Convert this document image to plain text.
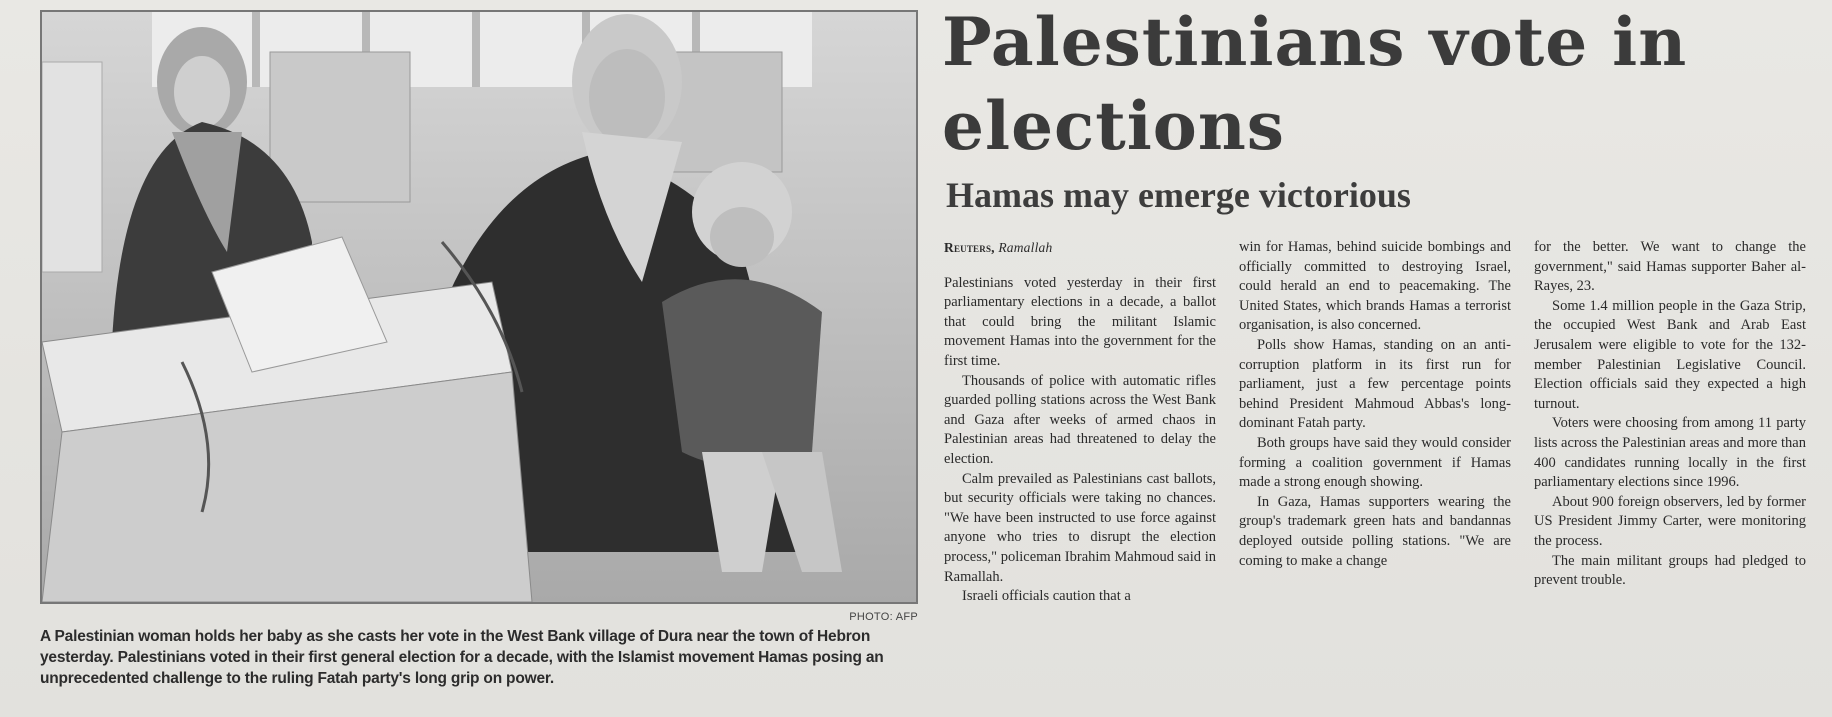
PHOTO: AFP
A Palestinian woman holds her baby as she casts her vote in the West Bank village of Dura near the town of Hebron yesterday. Palestinians voted in their first general election for a decade, with the Islamist movement Hamas posing an unprecedented challenge to the ruling Fatah party's long grip on power.
Palestinians vote in elections
Hamas may emerge victorious
Reuters, Ramallah

Palestinians voted yesterday in their first parliamentary elections in a decade, a ballot that could bring the militant Islamic movement Hamas into the government for the first time.

Thousands of police with automatic rifles guarded polling stations across the West Bank and Gaza after weeks of armed chaos in Palestinian areas had threatened to delay the election.

Calm prevailed as Palestinians cast ballots, but security officials were taking no chances. "We have been instructed to use force against anyone who tries to disrupt the election process," policeman Ibrahim Mahmoud said in Ramallah.

Israeli officials caution that a

win for Hamas, behind suicide bombings and officially committed to destroying Israel, could herald an end to peacemaking. The United States, which brands Hamas a terrorist organisation, is also concerned.

Polls show Hamas, standing on an anti-corruption platform in its first run for parliament, just a few percentage points behind President Mahmoud Abbas's long-dominant Fatah party.

Both groups have said they would consider forming a coalition government if Hamas made a strong enough showing.

In Gaza, Hamas supporters wearing the group's trademark green hats and bandannas deployed outside polling stations. "We are coming to make a change

for the better. We want to change the government," said Hamas supporter Baher al-Rayes, 23.

Some 1.4 million people in the Gaza Strip, the occupied West Bank and Arab East Jerusalem were eligible to vote for the 132-member Palestinian Legislative Council. Election officials said they expected a high turnout.

Voters were choosing from among 11 party lists across the Palestinian areas and more than 400 candidates running locally in the first parliamentary elections since 1996.

About 900 foreign observers, led by former US President Jimmy Carter, were monitoring the process.

The main militant groups had pledged to prevent trouble.
